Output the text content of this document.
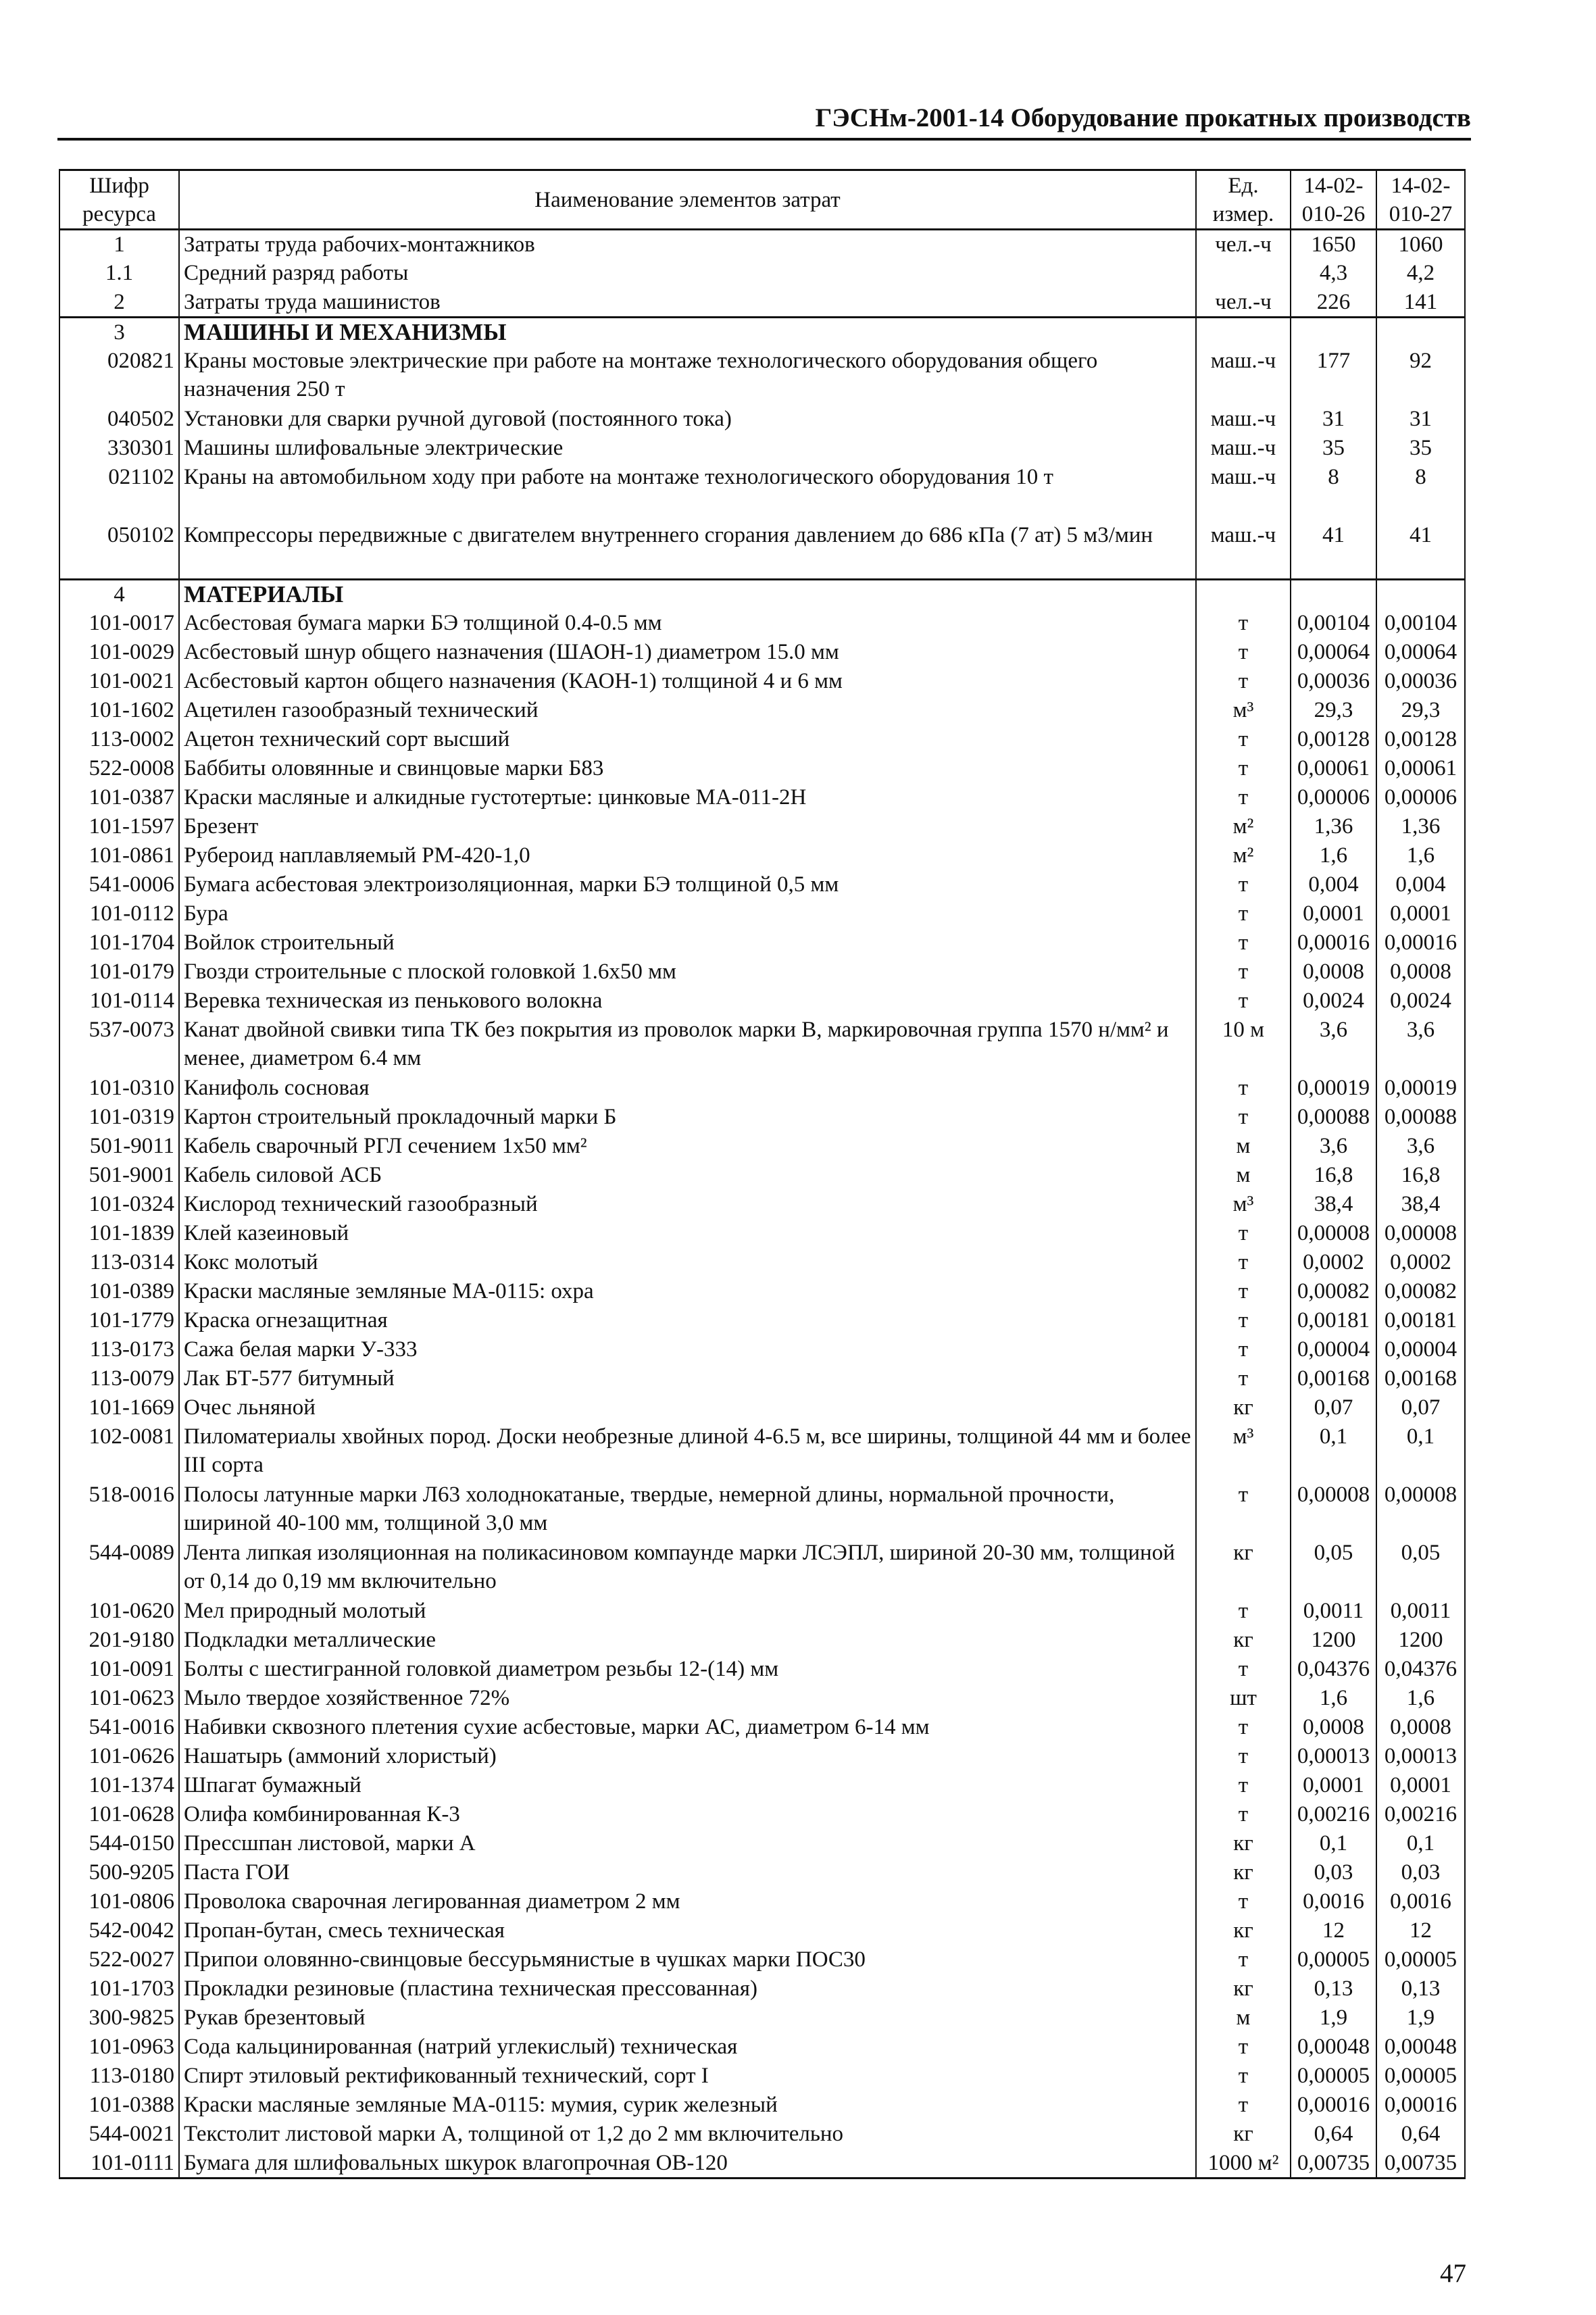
ГЭСНм-2001-14 Оборудование прокатных производств
Шифр ресурса	Наименование элементов затрат	Ед. измер.	14-02-010-26	14-02-010-27
1	Затраты труда рабочих-монтажников	чел.-ч	1650	1060
1.1	Средний разряд работы		4,3	4,2
2	Затраты труда машинистов	чел.-ч	226	141
3	МАШИНЫ И МЕХАНИЗМЫ			
020821	Краны мостовые электрические при работе на монтаже технологического оборудования общего назначения 250 т	маш.-ч	177	92
040502	Установки для сварки ручной дуговой (постоянного тока)	маш.-ч	31	31
330301	Машины шлифовальные электрические	маш.-ч	35	35
021102	Краны на автомобильном ходу при работе на монтаже технологического оборудования 10 т	маш.-ч	8	8
050102	Компрессоры передвижные с двигателем внутреннего сгорания давлением до 686 кПа (7 ат) 5 м3/мин	маш.-ч	41	41
4	МАТЕРИАЛЫ			
101-0017	Асбестовая бумага марки БЭ толщиной 0.4-0.5 мм	т	0,00104	0,00104
101-0029	Асбестовый шнур общего назначения (ШАОН-1) диаметром 15.0 мм	т	0,00064	0,00064
101-0021	Асбестовый картон общего назначения (КАОН-1) толщиной 4 и 6 мм	т	0,00036	0,00036
101-1602	Ацетилен газообразный технический	м³	29,3	29,3
113-0002	Ацетон технический сорт высший	т	0,00128	0,00128
522-0008	Баббиты оловянные и свинцовые марки Б83	т	0,00061	0,00061
101-0387	Краски масляные и алкидные густотертые: цинковые МА-011-2Н	т	0,00006	0,00006
101-1597	Брезент	м²	1,36	1,36
101-0861	Рубероид наплавляемый РМ-420-1,0	м²	1,6	1,6
541-0006	Бумага асбестовая электроизоляционная, марки БЭ толщиной 0,5 мм	т	0,004	0,004
101-0112	Бура	т	0,0001	0,0001
101-1704	Войлок строительный	т	0,00016	0,00016
101-0179	Гвозди строительные с плоской головкой 1.6х50 мм	т	0,0008	0,0008
101-0114	Веревка техническая из пенькового волокна	т	0,0024	0,0024
537-0073	Канат двойной свивки типа ТК без покрытия из проволок марки В, маркировочная группа 1570 н/мм² и менее, диаметром 6.4 мм	10 м	3,6	3,6
101-0310	Канифоль сосновая	т	0,00019	0,00019
101-0319	Картон строительный прокладочный марки Б	т	0,00088	0,00088
501-9011	Кабель сварочный РГЛ сечением 1х50 мм²	м	3,6	3,6
501-9001	Кабель силовой АСБ	м	16,8	16,8
101-0324	Кислород технический газообразный	м³	38,4	38,4
101-1839	Клей казеиновый	т	0,00008	0,00008
113-0314	Кокс молотый	т	0,0002	0,0002
101-0389	Краски масляные земляные МА-0115: охра	т	0,00082	0,00082
101-1779	Краска огнезащитная	т	0,00181	0,00181
113-0173	Сажа белая марки У-333	т	0,00004	0,00004
113-0079	Лак БТ-577 битумный	т	0,00168	0,00168
101-1669	Очес льняной	кг	0,07	0,07
102-0081	Пиломатериалы хвойных пород. Доски необрезные длиной 4-6.5 м, все ширины, толщиной 44 мм и более III сорта	м³	0,1	0,1
518-0016	Полосы латунные марки Л63 холоднокатаные, твердые, немерной длины, нормальной прочности, шириной 40-100 мм, толщиной 3,0 мм	т	0,00008	0,00008
544-0089	Лента липкая изоляционная на поликасиновом компаунде марки ЛСЭПЛ, шириной 20-30 мм, толщиной от 0,14 до 0,19 мм включительно	кг	0,05	0,05
101-0620	Мел природный молотый	т	0,0011	0,0011
201-9180	Подкладки металлические	кг	1200	1200
101-0091	Болты с шестигранной головкой диаметром резьбы 12-(14) мм	т	0,04376	0,04376
101-0623	Мыло твердое хозяйственное 72%	шт	1,6	1,6
541-0016	Набивки сквозного плетения сухие асбестовые, марки АС, диаметром 6-14 мм	т	0,0008	0,0008
101-0626	Нашатырь (аммоний хлористый)	т	0,00013	0,00013
101-1374	Шпагат бумажный	т	0,0001	0,0001
101-0628	Олифа комбинированная К-3	т	0,00216	0,00216
544-0150	Прессшпан листовой, марки А	кг	0,1	0,1
500-9205	Паста ГОИ	кг	0,03	0,03
101-0806	Проволока сварочная легированная диаметром 2 мм	т	0,0016	0,0016
542-0042	Пропан-бутан, смесь техническая	кг	12	12
522-0027	Припои оловянно-свинцовые бессурьмянистые в чушках марки ПОС30	т	0,00005	0,00005
101-1703	Прокладки резиновые (пластина техническая прессованная)	кг	0,13	0,13
300-9825	Рукав брезентовый	м	1,9	1,9
101-0963	Сода кальцинированная (натрий углекислый) техническая	т	0,00048	0,00048
113-0180	Спирт этиловый ректификованный технический, сорт I	т	0,00005	0,00005
101-0388	Краски масляные земляные МА-0115: мумия, сурик железный	т	0,00016	0,00016
544-0021	Текстолит листовой марки А, толщиной от 1,2 до 2 мм включительно	кг	0,64	0,64
101-0111	Бумага для шлифовальных шкурок влагопрочная ОВ-120	1000 м²	0,00735	0,00735
47
